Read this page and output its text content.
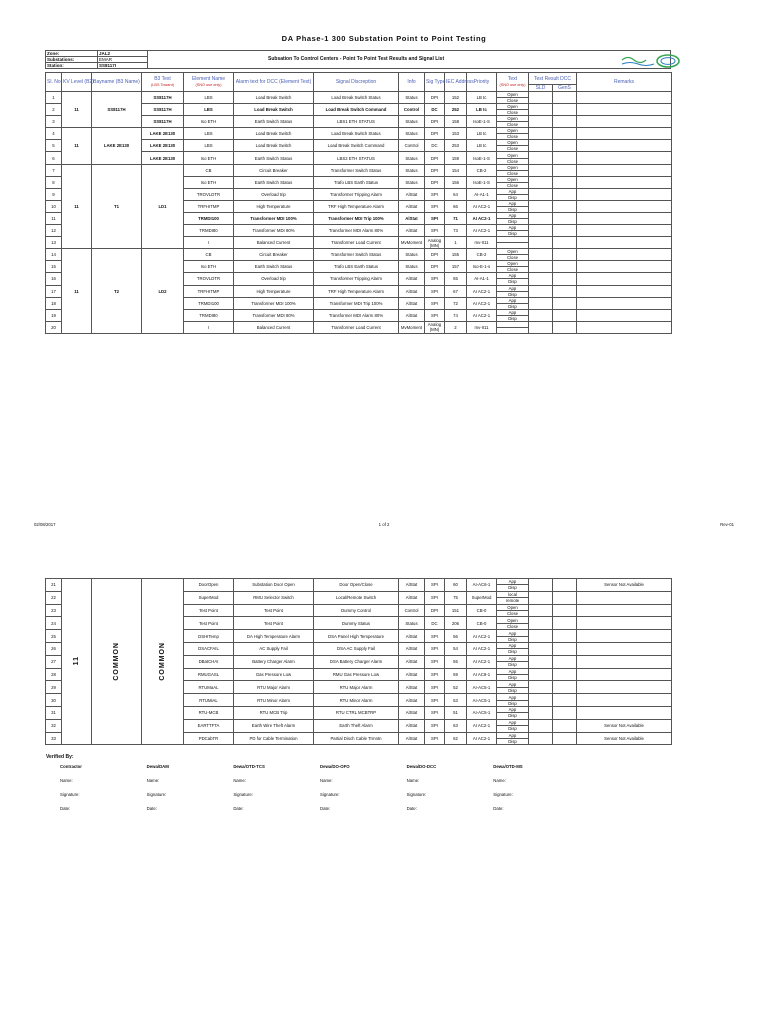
DA Phase-1 300 Substation Point to Point Testing
Zone:	JAL2	Subsation To Control Centers - Point To Point Test Results and Signal List
Substations:	EMAR	
Station:	SS8117I	
Sl. No	KV Level (B2)	Bayname (B3 Name)	B3 Text
(LBS Toward)	Element Name
(SNO use only)	Alarm text for DCC (Element Text)	Signal Discreption	Info	Sig Type	IEC Address	Priority	Text
(SNO use only)	Test Result DCC		Remarks
												SLD	GenS	
1	11	SS8117H	SS8117H	LBS	Load Break Switch	Load Break Switch Status	Status	DPI	152	LB tc	Open
Close			

2			SS8117H	LBS	Load Break Switch	Load Break Switch Command	Control	DC	252	LB tc	Open
Close			

3			SS8117H	Iso ETH	Earth Switch Status	LBS1 ETH STATUS	Status	DPI	158	IsoE-1-S	Open
Close			

4	11	LAKE 2E130	LAKE 2E130	LBS	Load Break Switch	Load Break Switch Status	Status	DPI	153	LB tc	Open
Close			

5			LAKE 2E130	LBS	Load Break Switch	Load Break Switch Command	Control	DC	253	LB tc	Open
Close			

6			LAKE 2E130	Iso ETH	Earth Switch Status	LBS2 ETH STATUS	Status	DPI	159	IsoE-1-S	Open
Close			

7	11	T1	LD1	CB	Circuit Breaker	Transformer Switch Status	Status	DPI	154	CB-2	Open
Close			

8				Iso ETH	Earth Switch Status	Trafo LBS Earth Status	Status	DPI	156	IsoE-1-S	Open
Close			

9				TROVLDTR	Overload trip	Transformer Tripping Alarm	AlStat	SPI	64	AI-A1-1	App
Disp			

10				TRFHITMP	High Temperature	TRF High Temperature Alarm	AlStat	SPI	66	AI AC2-1	App
Disp			

11				TRMDI100	Transformer MDI 100%	Transformer MDI Trip 100%	AlStat	SPI	71	AI AC2-1	App
Disp			

12				TRMDI80	Transformer MDI 80%	Transformer MDI Alarm 80%	AlStat	SPI	73	AI AC2-1	App
Disp			

13				I	Balanced Current	Transformer Load Current	MvMoment	Analog (MN)	1	mv-II11	

14	11	T2	LD2	CB	Circuit Breaker	Transformer Switch Status	Status	DPI	155	CB-2	Open
Close			

15				Iso ETH	Earth Switch Status	Trafo LBS Earth Status	Status	DPI	157	Iso-E-1-s	Open
Close			

16				TROVLDTR	Overload trip	Transformer Tripping Alarm	AlStat	SPI	65	AI-A1-1	App
Disp			

17				TRFHITMP	High Temperature	TRF High Temperature Alarm	AlStat	SPI	67	AI AC2-1	App
Disp			

18				TRMDI100	Transformer MDI 100%	Transformer MDI Trip 100%	AlStat	SPI	72	AI AC2-1	App
Disp			

19				TRMDI80	Transformer MDI 80%	Transformer MDI Alarm 80%	AlStat	SPI	74	AI AC2-1	App
Disp			

20				I	Balanced Current	Transformer Load Current	MvMoment	Analog (MN)	2	mv-II11	

02/08/2017	1 of 2	Rev-01
21	11	COMMON	COMMON	DoorOpen	Substation Door Open	Door Open/Close	AlStat	SPI	60	AI-AC6-1	App
Disp			Sensor Not Available
22				SuperMod	RMU Selector Switch	Local/Remote Switch	AlStat	SPI	75	SuperMod	local
remote			

23				Test Point	Test Point	Dummy Control	Control	DPI	151	CB-0	Open
Close			

24				Test Point	Test Point	Dummy Status	Status	DC	206	CB-0	Open
Close			

25				DSHITemp	DA High Temperature Alarm	DSA Panel High Temperature	AlStat	SPI	56	AI AC2-1	App
Disp			

26				DSACFAIL	AC Supply Fail	DSA AC Supply Fail	AlStat	SPI	54	AI AC2-1	App
Disp			

27				DBatCHAI	Battery Charger Alarm	DSA Battery Charger Alarm	AlStat	SPI	55	AI AC2-1	App
Disp			

28				RMUGASL	Gas Pressure Low	RMU Gas Pressure Low	AlStat	SPI	59	AI AC9-1	App
Disp			

29				RTUMaAL	RTU Major Alarm	RTU Major Alarm	AlStat	SPI	52	AI-AC5-1	App
Disp			

30				RTUMiAL	RTU Minor Alarm	RTU Minor Alarm	AlStat	SPI	53	AI-AC5-1	App
Disp			

31				RTU-MCB	RTU MCB Trip	RTU CTRL MCBTRP	AlStat	SPI	51	AI-AC5-1	App
Disp			

32				EARTTFTA	Earth Wire Theft Alarm	Earth Theft Alarm	AlStat	SPI	63	AI AC2-1	App
Disp			Sensor Not Available
33				PDCabTR	PD for Cable Termination	Partial Disch Cable Trmntn	AlStat	SPI	62	AI AC2-1	App
Disp			Sensor Not Available
Verified By:
Contractor	Dewa/DAM	Dewa/OTD-TCS	Dewa/DO-OFO	Dewa/DO-DCC	Dewa/OTD-MS
Name:	Name:	Name:	Name:	Name:	Name:
Signature:	Signature:	Signature:	Signature:	Signature:	Signature:
Date:	Date:	Date:	Date:	Date:	Date:
